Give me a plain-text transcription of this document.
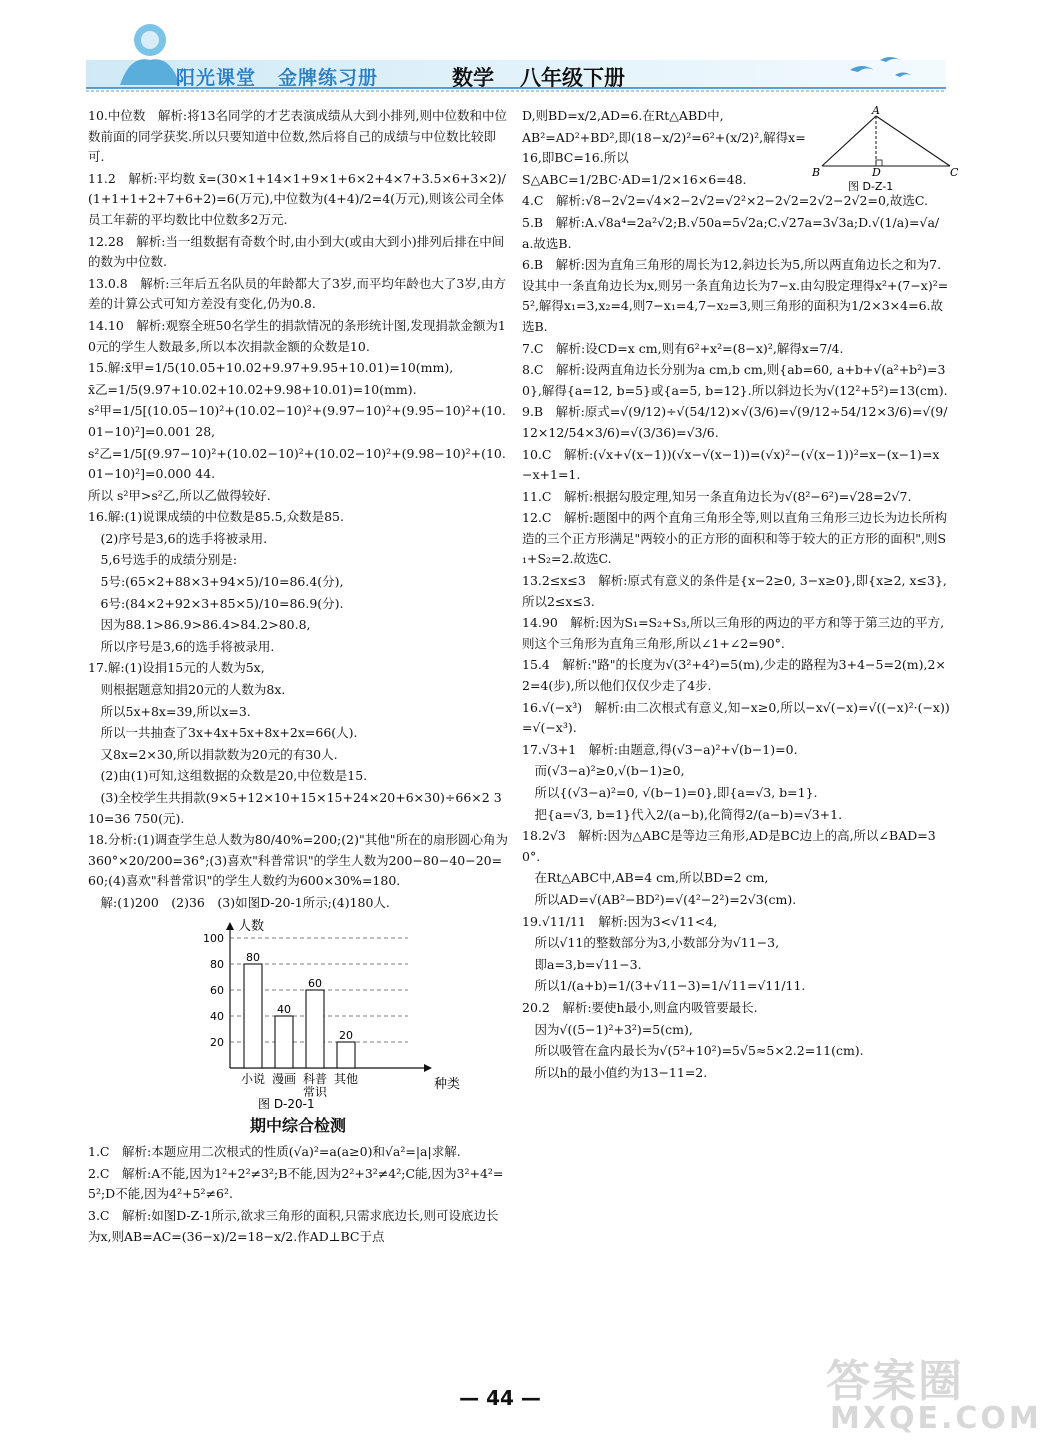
阳光课堂 金牌练习册	数学 八年级下册

10.中位数　解析:将13名同学的才艺表演成绩从大到小排列,则中位数和中位数前面的同学获奖.所以只要知道中位数,然后将自己的成绩与中位数比较即可.

11.2　解析:平均数 x̄=(30×1+14×1+9×1+6×2+4×7+3.5×6+3×2)/(1+1+1+2+7+6+2)=6(万元),中位数为(4+4)/2=4(万元),则该公司全体员工年薪的平均数比中位数多2万元.

12.28　解析:当一组数据有奇数个时,由小到大(或由大到小)排列后排在中间的数为中位数.

13.0.8　解析:三年后五名队员的年龄都大了3岁,而平均年龄也大了3岁,由方差的计算公式可知方差没有变化,仍为0.8.

14.10　解析:观察全班50名学生的捐款情况的条形统计图,发现捐款金额为10元的学生人数最多,所以本次捐款金额的众数是10.

15.解:x̄甲=1/5(10.05+10.02+9.97+9.95+10.01)=10(mm),

x̄乙=1/5(9.97+10.02+10.02+9.98+10.01)=10(mm).

s²甲=1/5[(10.05−10)²+(10.02−10)²+(9.97−10)²+(9.95−10)²+(10.01−10)²]=0.001 28,

s²乙=1/5[(9.97−10)²+(10.02−10)²+(10.02−10)²+(9.98−10)²+(10.01−10)²]=0.000 44.

所以 s²甲>s²乙,所以乙做得较好.

16.解:(1)说课成绩的中位数是85.5,众数是85.

　(2)序号是3,6的选手将被录用.

　5,6号选手的成绩分别是:

　5号:(65×2+88×3+94×5)/10=86.4(分),

　6号:(84×2+92×3+85×5)/10=86.9(分).

　因为88.1>86.9>86.4>84.2>80.8,

　所以序号是3,6的选手将被录用.

17.解:(1)设捐15元的人数为5x,

　则根据题意知捐20元的人数为8x.

　所以5x+8x=39,所以x=3.

　所以一共抽查了3x+4x+5x+8x+2x=66(人).

　又8x=2×30,所以捐款数为20元的有30人.

　(2)由(1)可知,这组数据的众数是20,中位数是15.

　(3)全校学生共捐款(9×5+12×10+15×15+24×20+6×30)÷66×2 310=36 750(元).

18.分析:(1)调查学生总人数为80/40%=200;(2)"其他"所在的扇形圆心角为360°×20/200=36°;(3)喜欢"科普常识"的学生人数为200−80−40−20=60;(4)喜欢"科普常识"的学生人数约为600×30%=180.

　解:(1)200　(2)36　(3)如图D-20-1所示;(4)180人.

人数
种类
图 D-20-1
20
40
60
80
100
80
小说
40
漫画
60
科普
常识
20
其他
期中综合检测

1.C　解析:本题应用二次根式的性质(√a)²=a(a≥0)和√a²=|a|求解.

2.C　解析:A不能,因为1²+2²≠3²;B不能,因为2²+3²≠4²;C能,因为3²+4²=5²;D不能,因为4²+5²≠6².

3.C　解析:如图D-Z-1所示,欲求三角形的面积,只需求底边长,则可设底边长为x,则AB=AC=(36−x)/2=18−x/2.作AD⊥BC于点

A
B	C
D
图 D-Z-1

D,则BD=x/2,AD=6.在Rt△ABD中,

AB²=AD²+BD²,即(18−x/2)²=6²+(x/2)²,解得x=16,即BC=16.所以

S△ABC=1/2BC·AD=1/2×16×6=48.

4.C　解析:√8−2√2=√4×2−2√2=√2²×2−2√2=2√2−2√2=0,故选C.

5.B　解析:A.√8a⁴=2a²√2;B.√50a=5√2a;C.√27a=3√3a;D.√(1/a)=√a/a.故选B.

6.B　解析:因为直角三角形的周长为12,斜边长为5,所以两直角边长之和为7.设其中一条直角边长为x,则另一条直角边长为7−x.由勾股定理得x²+(7−x)²=5²,解得x₁=3,x₂=4,则7−x₁=4,7−x₂=3,则三角形的面积为1/2×3×4=6.故选B.

7.C　解析:设CD=x cm,则有6²+x²=(8−x)²,解得x=7/4.

8.C　解析:设两直角边长分别为a cm,b cm,则{ab=60, a+b+√(a²+b²)=30},解得{a=12, b=5}或{a=5, b=12}.所以斜边长为√(12²+5²)=13(cm).

9.B　解析:原式=√(9/12)÷√(54/12)×√(3/6)=√(9/12÷54/12×3/6)=√(9/12×12/54×3/6)=√(3/36)=√3/6.

10.C　解析:(√x+√(x−1))(√x−√(x−1))=(√x)²−(√(x−1))²=x−(x−1)=x−x+1=1.

11.C　解析:根据勾股定理,知另一条直角边长为√(8²−6²)=√28=2√7.

12.C　解析:题图中的两个直角三角形全等,则以直角三角形三边长为边长所构造的三个正方形满足"两较小的正方形的面积和等于较大的正方形的面积",则S₁+S₂=2.故选C.

13.2≤x≤3　解析:原式有意义的条件是{x−2≥0, 3−x≥0},即{x≥2, x≤3},所以2≤x≤3.

14.90　解析:因为S₁=S₂+S₃,所以三角形的两边的平方和等于第三边的平方,则这个三角形为直角三角形,所以∠1+∠2=90°.

15.4　解析:"路"的长度为√(3²+4²)=5(m),少走的路程为3+4−5=2(m),2×2=4(步),所以他们仅仅少走了4步.

16.√(−x³)　解析:由二次根式有意义,知−x≥0,所以−x√(−x)=√((−x)²·(−x))=√(−x³).

17.√3+1　解析:由题意,得(√3−a)²+√(b−1)=0.

　而(√3−a)²≥0,√(b−1)≥0,

　所以{(√3−a)²=0, √(b−1)=0},即{a=√3, b=1}.

　把{a=√3, b=1}代入2/(a−b),化简得2/(a−b)=√3+1.

18.2√3　解析:因为△ABC是等边三角形,AD是BC边上的高,所以∠BAD=30°.

　在Rt△ABC中,AB=4 cm,所以BD=2 cm,

　所以AD=√(AB²−BD²)=√(4²−2²)=2√3(cm).

19.√11/11　解析:因为3<√11<4,

　所以√11的整数部分为3,小数部分为√11−3,

　即a=3,b=√11−3.

　所以1/(a+b)=1/(3+√11−3)=1/√11=√11/11.

20.2　解析:要使h最小,则盒内吸管要最长.

　因为√((5−1)²+3²)=5(cm),

　所以吸管在盒内最长为√(5²+10²)=5√5≈5×2.2=11(cm).

　所以h的最小值约为13−11=2.

— 44 —	答案圈
MXQE.COM
